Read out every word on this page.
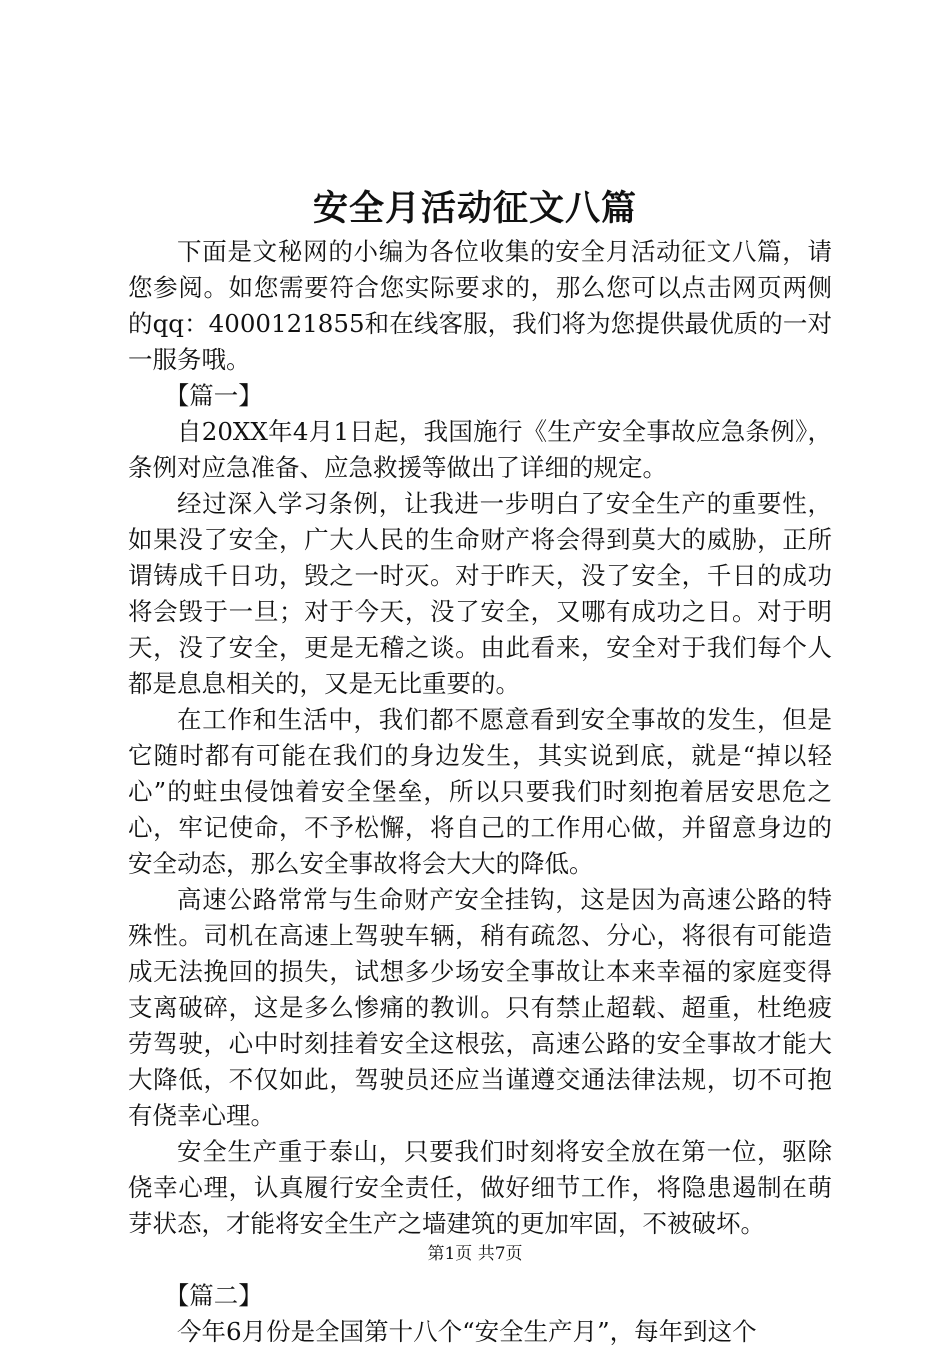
安全月活动征文八篇

下面是文秘网的小编为各位收集的安全月活动征文八篇，请您参阅。如您需要符合您实际要求的，那么您可以点击网页两侧的qq：4000121855和在线客服，我们将为您提供最优质的一对一服务哦。

【篇一】

自20XX年4月1日起，我国施行《生产安全事故应急条例》，条例对应急准备、应急救援等做出了详细的规定。

经过深入学习条例，让我进一步明白了安全生产的重要性，如果没了安全，广大人民的生命财产将会得到莫大的威胁，正所谓铸成千日功，毁之一时灭。对于昨天，没了安全，千日的成功将会毁于一旦；对于今天，没了安全，又哪有成功之日。对于明天，没了安全，更是无稽之谈。由此看来，安全对于我们每个人都是息息相关的，又是无比重要的。

在工作和生活中，我们都不愿意看到安全事故的发生，但是它随时都有可能在我们的身边发生，其实说到底，就是“掉以轻心”的蛀虫侵蚀着安全堡垒，所以只要我们时刻抱着居安思危之心，牢记使命，不予松懈，将自己的工作用心做，并留意身边的安全动态，那么安全事故将会大大的降低。

高速公路常常与生命财产安全挂钩，这是因为高速公路的特殊性。司机在高速上驾驶车辆，稍有疏忽、分心，将很有可能造成无法挽回的损失，试想多少场安全事故让本来幸福的家庭变得支离破碎，这是多么惨痛的教训。只有禁止超载、超重，杜绝疲劳驾驶，心中时刻挂着安全这根弦，高速公路的安全事故才能大大降低，不仅如此，驾驶员还应当谨遵交通法律法规，切不可抱有侥幸心理。

安全生产重于泰山，只要我们时刻将安全放在第一位，驱除侥幸心理，认真履行安全责任，做好细节工作，将隐患遏制在萌芽状态，才能将安全生产之墙建筑的更加牢固，不被破坏。

【篇二】

今年6月份是全国第十八个“安全生产月”，每年到这个

第1页 共7页
